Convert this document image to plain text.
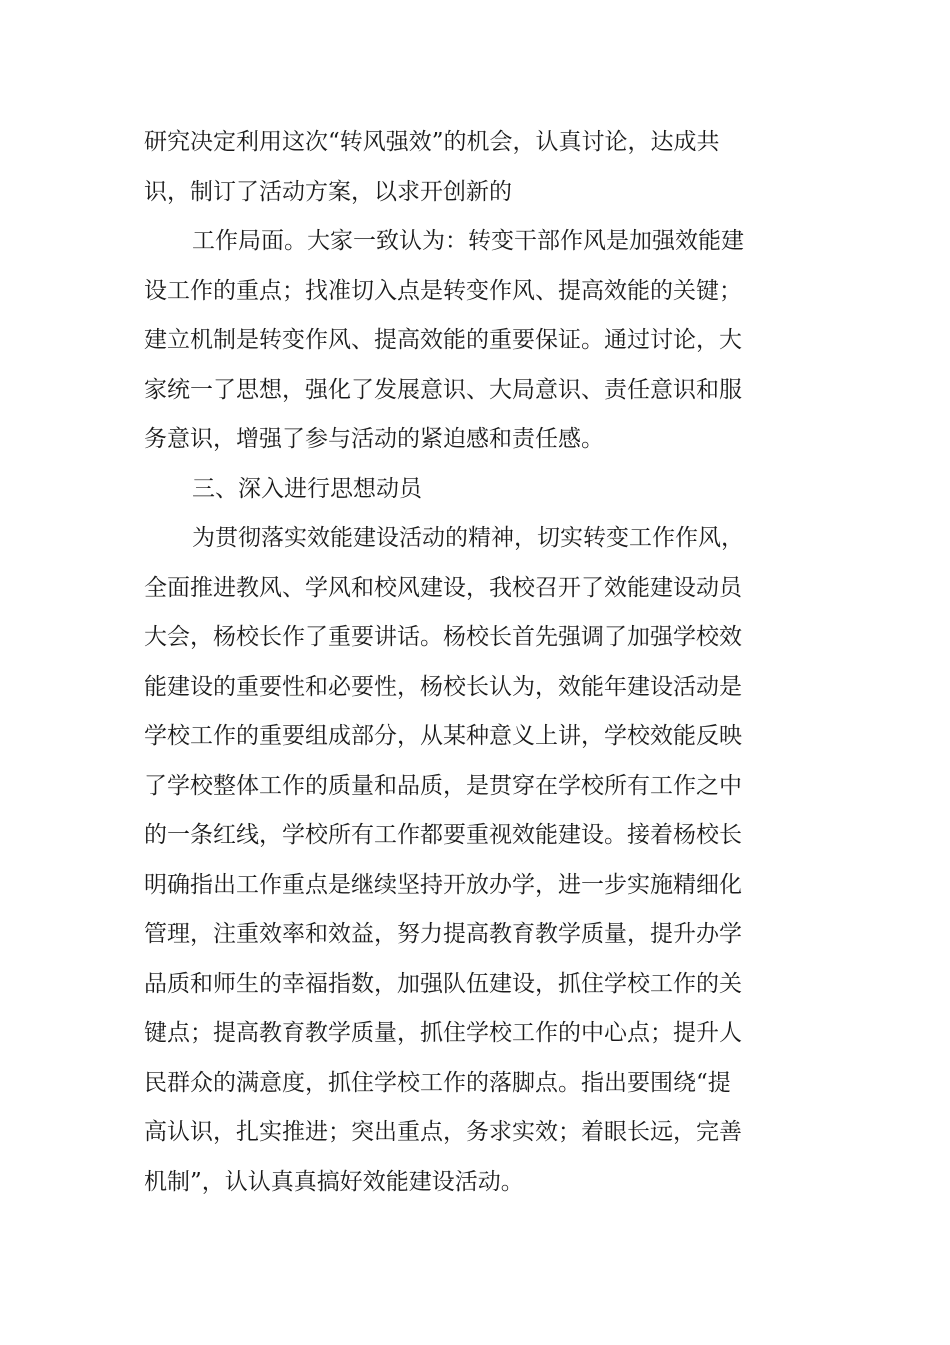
研究决定利用这次“转风强效”的机会，认真讨论，达成共
识，制订了活动方案，以求开创新的
工作局面。大家一致认为：转变干部作风是加强效能建
设工作的重点；找准切入点是转变作风、提高效能的关键；
建立机制是转变作风、提高效能的重要保证。通过讨论，大
家统一了思想，强化了发展意识、大局意识、责任意识和服
务意识，增强了参与活动的紧迫感和责任感。
三、深入进行思想动员
为贯彻落实效能建设活动的精神，切实转变工作作风，
全面推进教风、学风和校风建设，我校召开了效能建设动员
大会，杨校长作了重要讲话。杨校长首先强调了加强学校效
能建设的重要性和必要性，杨校长认为，效能年建设活动是
学校工作的重要组成部分，从某种意义上讲，学校效能反映
了学校整体工作的质量和品质，是贯穿在学校所有工作之中
的一条红线，学校所有工作都要重视效能建设。接着杨校长
明确指出工作重点是继续坚持开放办学，进一步实施精细化
管理，注重效率和效益，努力提高教育教学质量，提升办学
品质和师生的幸福指数，加强队伍建设，抓住学校工作的关
键点；提高教育教学质量，抓住学校工作的中心点；提升人
民群众的满意度，抓住学校工作的落脚点。指出要围绕“提
高认识，扎实推进；突出重点，务求实效；着眼长远，完善
机制”，认认真真搞好效能建设活动。
